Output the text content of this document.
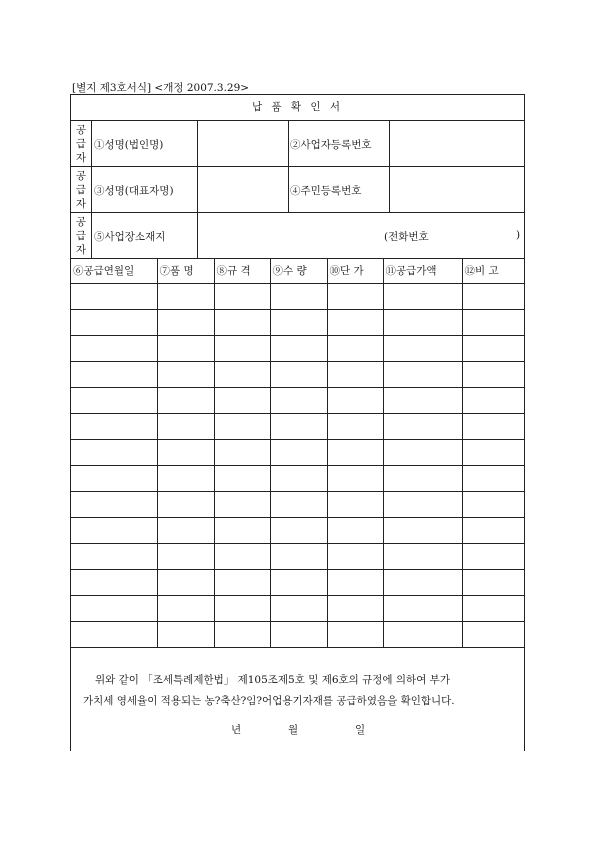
[별지 제3호서식] <개정 2007.3.29>
납 품 확 인 서
공
급
자
①성명(법인명)	②사업자등록번호
공
급
자
③성명(대표자명)	④주민등록번호
공
급
자
⑤사업장소재지	(전화번호	)
⑥공급연월일	⑦품 명	⑧규 격	⑨수 량	⑩단 가	⑪공급가액	⑫비 고

위와 같이 「조세특례제한법」 제105조제5호 및 제6호의 규정에 의하여 부가
가치세 영세율이 적용되는 농?축산?임?어업용기자재를 공급하였음을 확인합니다.
년	월	일
